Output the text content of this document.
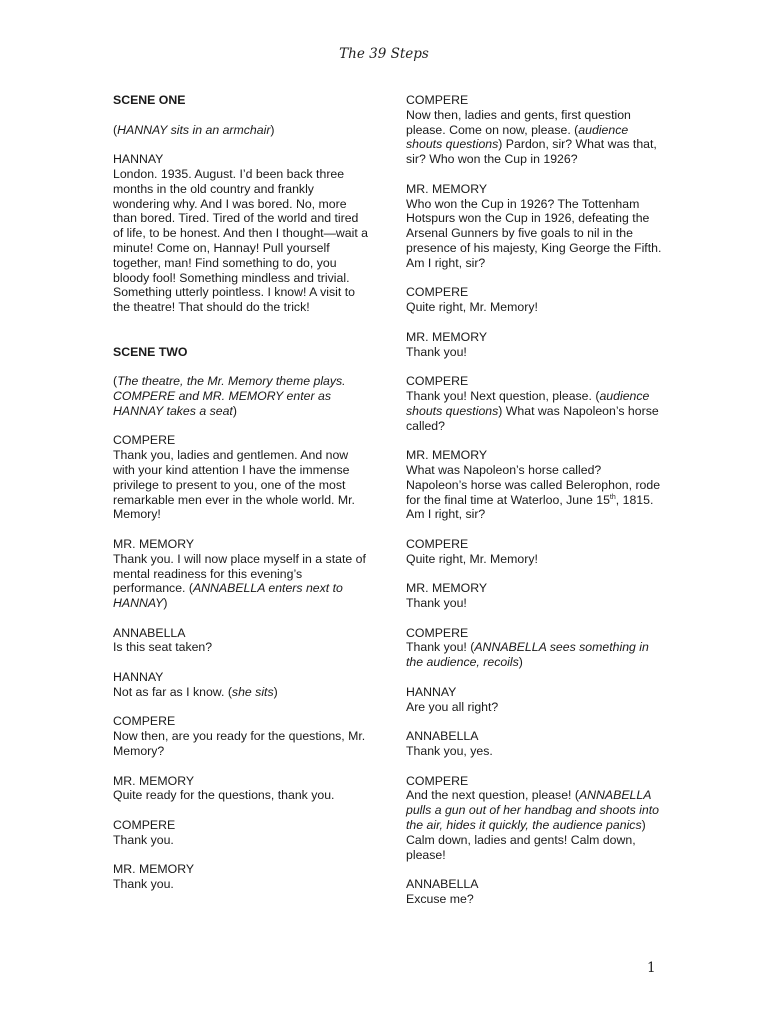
The 39 Steps
SCENE ONE
(HANNAY sits in an armchair)
HANNAY
London. 1935. August. I’d been back three months in the old country and frankly wondering why. And I was bored. No, more than bored. Tired. Tired of the world and tired of life, to be honest. And then I thought—wait a minute! Come on, Hannay! Pull yourself together, man! Find something to do, you bloody fool! Something mindless and trivial. Something utterly pointless. I know! A visit to the theatre! That should do the trick!
SCENE TWO
(The theatre, the Mr. Memory theme plays. COMPERE and MR. MEMORY enter as HANNAY takes a seat)
COMPERE
Thank you, ladies and gentlemen. And now with your kind attention I have the immense privilege to present to you, one of the most remarkable men ever in the whole world. Mr. Memory!
MR. MEMORY
Thank you. I will now place myself in a state of mental readiness for this evening’s performance. (ANNABELLA enters next to HANNAY)
ANNABELLA
Is this seat taken?
HANNAY
Not as far as I know. (she sits)
COMPERE
Now then, are you ready for the questions, Mr. Memory?
MR. MEMORY
Quite ready for the questions, thank you.
COMPERE
Thank you.
MR. MEMORY
Thank you.
COMPERE
Now then, ladies and gents, first question please. Come on now, please. (audience shouts questions) Pardon, sir? What was that, sir? Who won the Cup in 1926?
MR. MEMORY
Who won the Cup in 1926? The Tottenham Hotspurs won the Cup in 1926, defeating the Arsenal Gunners by five goals to nil in the presence of his majesty, King George the Fifth. Am I right, sir?
COMPERE
Quite right, Mr. Memory!
MR. MEMORY
Thank you!
COMPERE
Thank you! Next question, please. (audience shouts questions) What was Napoleon’s horse called?
MR. MEMORY
What was Napoleon’s horse called? Napoleon’s horse was called Belerophon, rode for the final time at Waterloo, June 15th, 1815. Am I right, sir?
COMPERE
Quite right, Mr. Memory!
MR. MEMORY
Thank you!
COMPERE
Thank you! (ANNABELLA sees something in the audience, recoils)
HANNAY
Are you all right?
ANNABELLA
Thank you, yes.
COMPERE
And the next question, please! (ANNABELLA pulls a gun out of her handbag and shoots into the air, hides it quickly, the audience panics) Calm down, ladies and gents! Calm down, please!
ANNABELLA
Excuse me?
1
